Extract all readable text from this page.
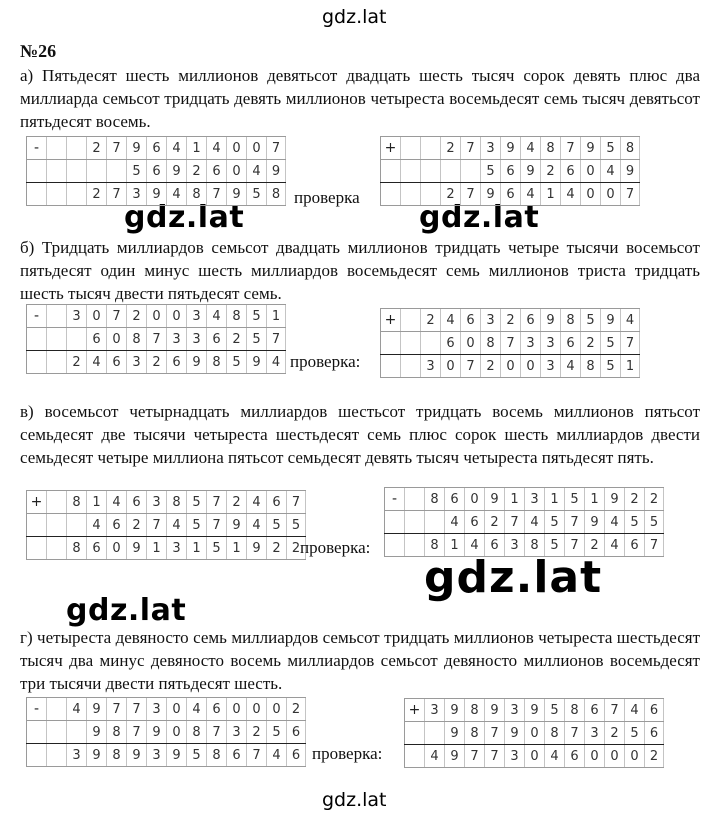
gdz.lat
gdz.lat	gdz.lat
gdz.lat
gdz.lat
gdz.lat
№26
а) Пятьдесят шесть миллионов девятьсот двадцать шесть тысяч сорок девять плюс два миллиарда семьсот тридцать девять миллионов четыреста восемьдесят семь тысяч девятьсот пятьдесят восемь.
-	2 7 9 6 4 1 4 0 0 7
5 6 9 2 6 0 4 9
2 7 3 9 4 8 7 9 5 8 проверка
+	2 7 3 9 4 8 7 9 5 8
5 6 9 2 6 0 4 9
2 7 9 6 4 1 4 0 0 7
б) Тридцать миллиардов семьсот двадцать миллионов тридцать четыре тысячи восемьсот пятьдесят один минус шесть миллиардов восемьдесят семь миллионов триста тридцать шесть тысяч двести пятьдесят семь.
-	3 0 7 2 0 0 3 4 8 5 1
6 0 8 7 3 3 6 2 5 7
2 4 6 3 2 6 9 8 5 9 4 проверка:
+	2 4 6 3 2 6 9 8 5 9 4
6 0 8 7 3 3 6 2 5 7
3 0 7 2 0 0 3 4 8 5 1
в) восемьсот четырнадцать миллиардов шестьсот тридцать восемь миллионов пятьсот семьдесят две тысячи четыреста шестьдесят семь плюс сорок шесть миллиардов двести семьдесят четыре миллиона пятьсот семьдесят девять тысяч четыреста пятьдесят пять.
+	8 1 4 6 3 8 5 7 2 4 6 7
4 6 2 7 4 5 7 9 4 5 5
8 6 0 9 1 3 1 5 1 9 2 2 проверка:
-	8 6 0 9 1 3 1 5 1 9 2 2
4 6 2 7 4 5 7 9 4 5 5
8 1 4 6 3 8 5 7 2 4 6 7
г) четыреста девяносто семь миллиардов семьсот тридцать миллионов четыреста шестьдесят тысяч два минус девяносто восемь миллиардов семьсот девяносто миллионов восемьдесят три тысячи двести пятьдесят шесть.
-	4 9 7 7 3 0 4 6 0 0 0 2
9 8 7 9 0 8 7 3 2 5 6
3 9 8 9 3 9 5 8 6 7 4 6 проверка:
+ 3 9 8 9 3 9 5 8 6 7 4 6
9 8 7 9 0 8 7 3 2 5 6
4 9 7 7 3 0 4 6 0 0 0 2
